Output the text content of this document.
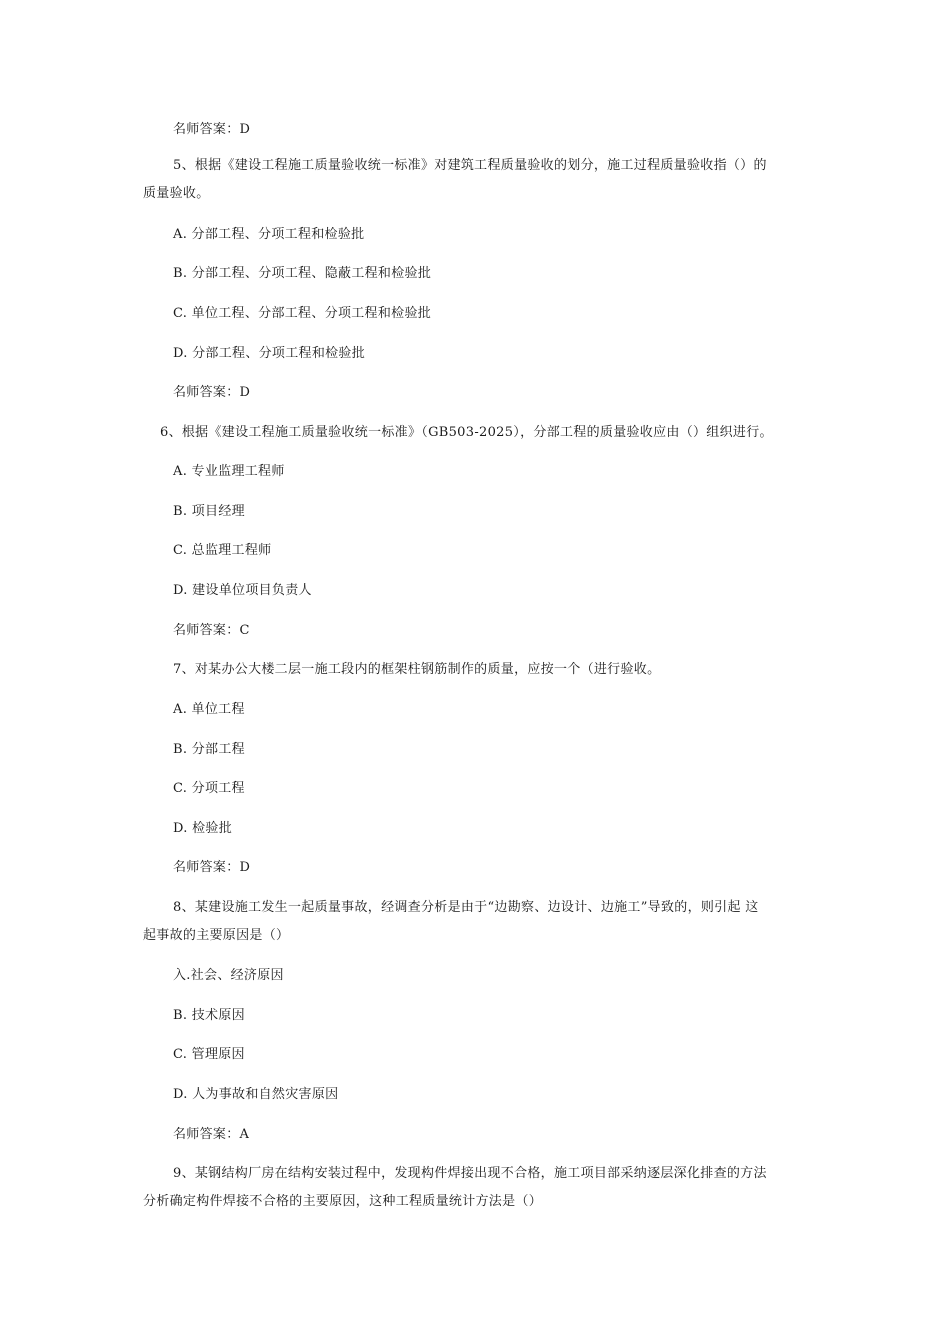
名师答案：D
5、根据《建设工程施工质量验收统一标准》对建筑工程质量验收的划分，施工过程质量验收指（）的
质量验收。
A. 分部工程、分项工程和检验批
B. 分部工程、分项工程、隐蔽工程和检验批
C. 单位工程、分部工程、分项工程和检验批
D. 分部工程、分项工程和检验批
名师答案：D
6、根据《建设工程施工质量验收统一标准》（GB503-2025），分部工程的质量验收应由（）组织进行。
A. 专业监理工程师
B. 项目经理
C. 总监理工程师
D. 建设单位项目负责人
名师答案：C
7、对某办公大楼二层一施工段内的框架柱钢筋制作的质量，应按一个（进行验收。
A. 单位工程
B. 分部工程
C. 分项工程
D. 检验批
名师答案：D
8、某建设施工发生一起质量事故，经调查分析是由于“边勘察、边设计、边施工”导致的，则引起 这
起事故的主要原因是（）
入.社会、经济原因
B. 技术原因
C. 管理原因
D. 人为事故和自然灾害原因
名师答案：A
9、某钢结构厂房在结构安装过程中，发现构件焊接出现不合格，施工项目部采纳逐层深化排查的方法
分析确定构件焊接不合格的主要原因，这种工程质量统计方法是（）
